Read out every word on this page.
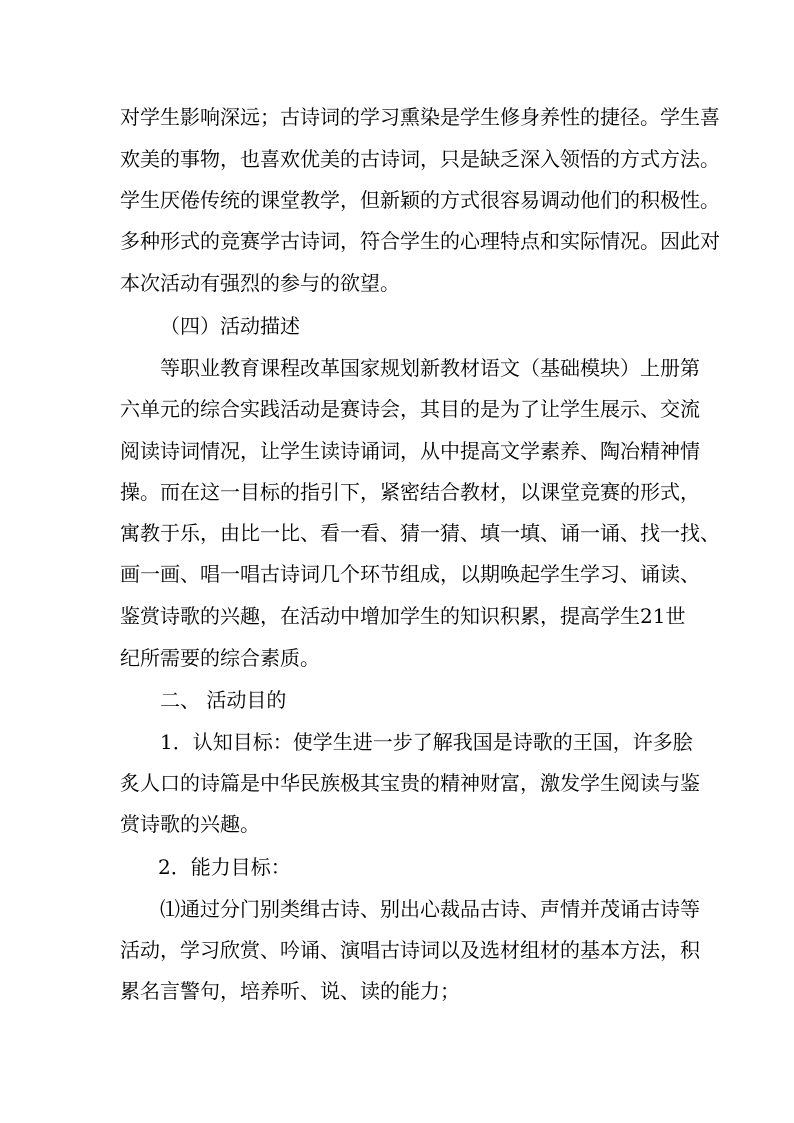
对学生影响深远；古诗词的学习熏染是学生修身养性的捷径。学生喜
欢美的事物，也喜欢优美的古诗词，只是缺乏深入领悟的方式方法。
学生厌倦传统的课堂教学，但新颖的方式很容易调动他们的积极性。
多种形式的竞赛学古诗词，符合学生的心理特点和实际情况。因此对
本次活动有强烈的参与的欲望。
（四）活动描述
等职业教育课程改革国家规划新教材语文（基础模块）上册第
六单元的综合实践活动是赛诗会，其目的是为了让学生展示、交流
阅读诗词情况，让学生读诗诵词，从中提高文学素养、陶冶精神情
操。而在这一目标的指引下，紧密结合教材，以课堂竞赛的形式，
寓教于乐，由比一比、看一看、猜一猜、填一填、诵一诵、找一找、
画一画、唱一唱古诗词几个环节组成，以期唤起学生学习、诵读、
鉴赏诗歌的兴趣，在活动中增加学生的知识积累，提高学生21世
纪所需要的综合素质。
二、 活动目的
1．认知目标：使学生进一步了解我国是诗歌的王国，许多脍
炙人口的诗篇是中华民族极其宝贵的精神财富，激发学生阅读与鉴
赏诗歌的兴趣。
2．能力目标：
⑴通过分门别类缉古诗、别出心裁品古诗、声情并茂诵古诗等
活动，学习欣赏、吟诵、演唱古诗词以及选材组材的基本方法，积
累名言警句，培养听、说、读的能力；
